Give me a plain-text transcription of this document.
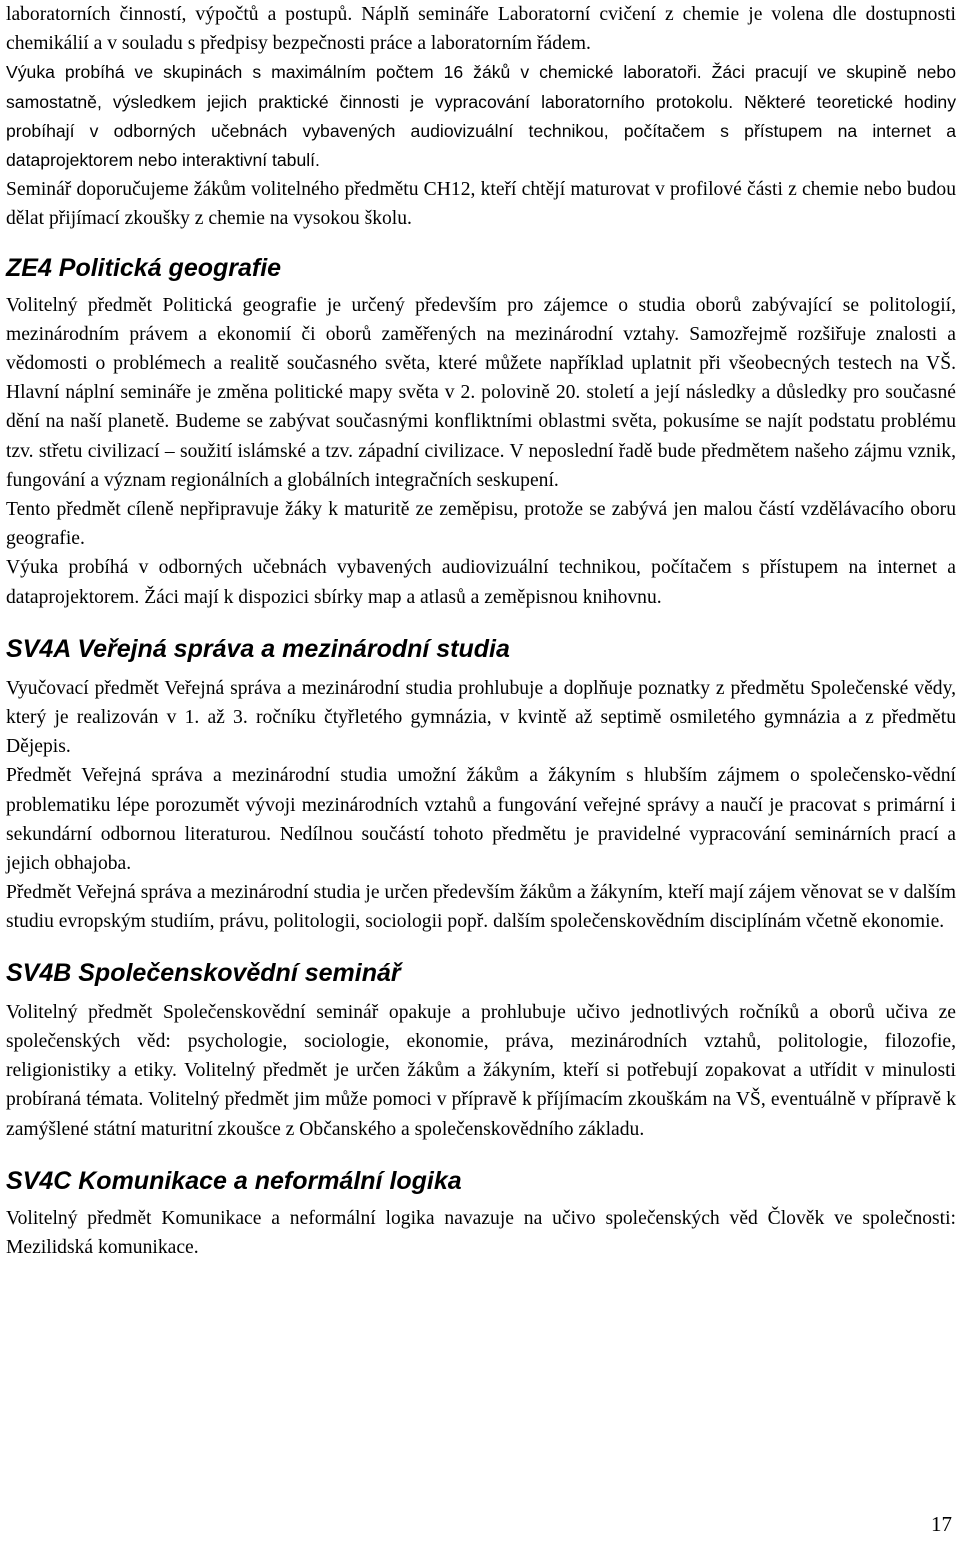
laboratorních činností, výpočtů a postupů. Náplň semináře Laboratorní cvičení z chemie je volena dle dostupnosti chemikálií a v souladu s předpisy bezpečnosti práce a laboratorním řádem.

Výuka probíhá ve skupinách s maximálním počtem 16 žáků v chemické laboratoři. Žáci pracují ve skupině nebo samostatně, výsledkem jejich praktické činnosti je vypracování laboratorního protokolu. Některé teoretické hodiny probíhají v odborných učebnách vybavených audiovizuální technikou, počítačem s přístupem na internet a dataprojektorem nebo interaktivní tabulí.

Seminář doporučujeme žákům volitelného předmětu CH12, kteří chtějí maturovat v profilové části z chemie nebo budou dělat přijímací zkoušky z chemie na vysokou školu.

ZE4 Politická geografie

Volitelný předmět Politická geografie je určený především pro zájemce o studia oborů zabývající se politologií, mezinárodním právem a ekonomií či oborů zaměřených na mezinárodní vztahy. Samozřejmě rozšiřuje znalosti a vědomosti o problémech a realitě současného světa, které můžete například uplatnit při všeobecných testech na VŠ. Hlavní náplní semináře je změna politické mapy světa v 2. polovině 20. století a její následky a důsledky pro současné dění na naší planetě. Budeme se zabývat současnými konfliktními oblastmi světa, pokusíme se najít podstatu problému tzv. střetu civilizací – soužití islámské a tzv. západní civilizace. V neposlední řadě bude předmětem našeho zájmu vznik, fungování a význam regionálních a globálních integračních seskupení.

Tento předmět cíleně nepřipravuje žáky k maturitě ze zeměpisu, protože se zabývá jen malou částí vzdělávacího oboru geografie.

Výuka probíhá v odborných učebnách vybavených audiovizuální technikou, počítačem s přístupem na internet a dataprojektorem. Žáci mají k dispozici sbírky map a atlasů a zeměpisnou knihovnu.

SV4A Veřejná správa a mezinárodní studia

Vyučovací předmět Veřejná správa a mezinárodní studia prohlubuje a doplňuje poznatky z předmětu Společenské vědy, který je realizován v 1. až 3. ročníku čtyřletého gymnázia, v kvintě až septimě osmiletého gymnázia a z předmětu Dějepis.

Předmět Veřejná správa a mezinárodní studia umožní žákům a žákyním s hlubším zájmem o společensko-vědní problematiku lépe porozumět vývoji mezinárodních vztahů a fungování veřejné správy a naučí je pracovat s primární i sekundární odbornou literaturou. Nedílnou součástí tohoto předmětu je pravidelné vypracování seminárních prací a jejich obhajoba.

Předmět Veřejná správa a mezinárodní studia je určen především žákům a žákyním, kteří mají zájem věnovat se v dalším studiu evropským studiím, právu, politologii, sociologii popř. dalším společenskovědním disciplínám včetně ekonomie.

SV4B Společenskovědní seminář

Volitelný předmět Společenskovědní seminář opakuje a prohlubuje učivo jednotlivých ročníků a oborů učiva ze společenských věd: psychologie, sociologie, ekonomie, práva, mezinárodních vztahů, politologie, filozofie, religionistiky a etiky. Volitelný předmět je určen žákům a žákyním, kteří si potřebují zopakovat a utřídit v minulosti probíraná témata. Volitelný předmět jim může pomoci v přípravě k příjímacím zkouškám na VŠ, eventuálně v přípravě k zamýšlené státní maturitní zkoušce z Občanského a společenskovědního základu.

SV4C Komunikace a neformální logika

Volitelný předmět Komunikace a neformální logika navazuje na učivo společenských věd Člověk ve společnosti: Mezilidská komunikace.

17
